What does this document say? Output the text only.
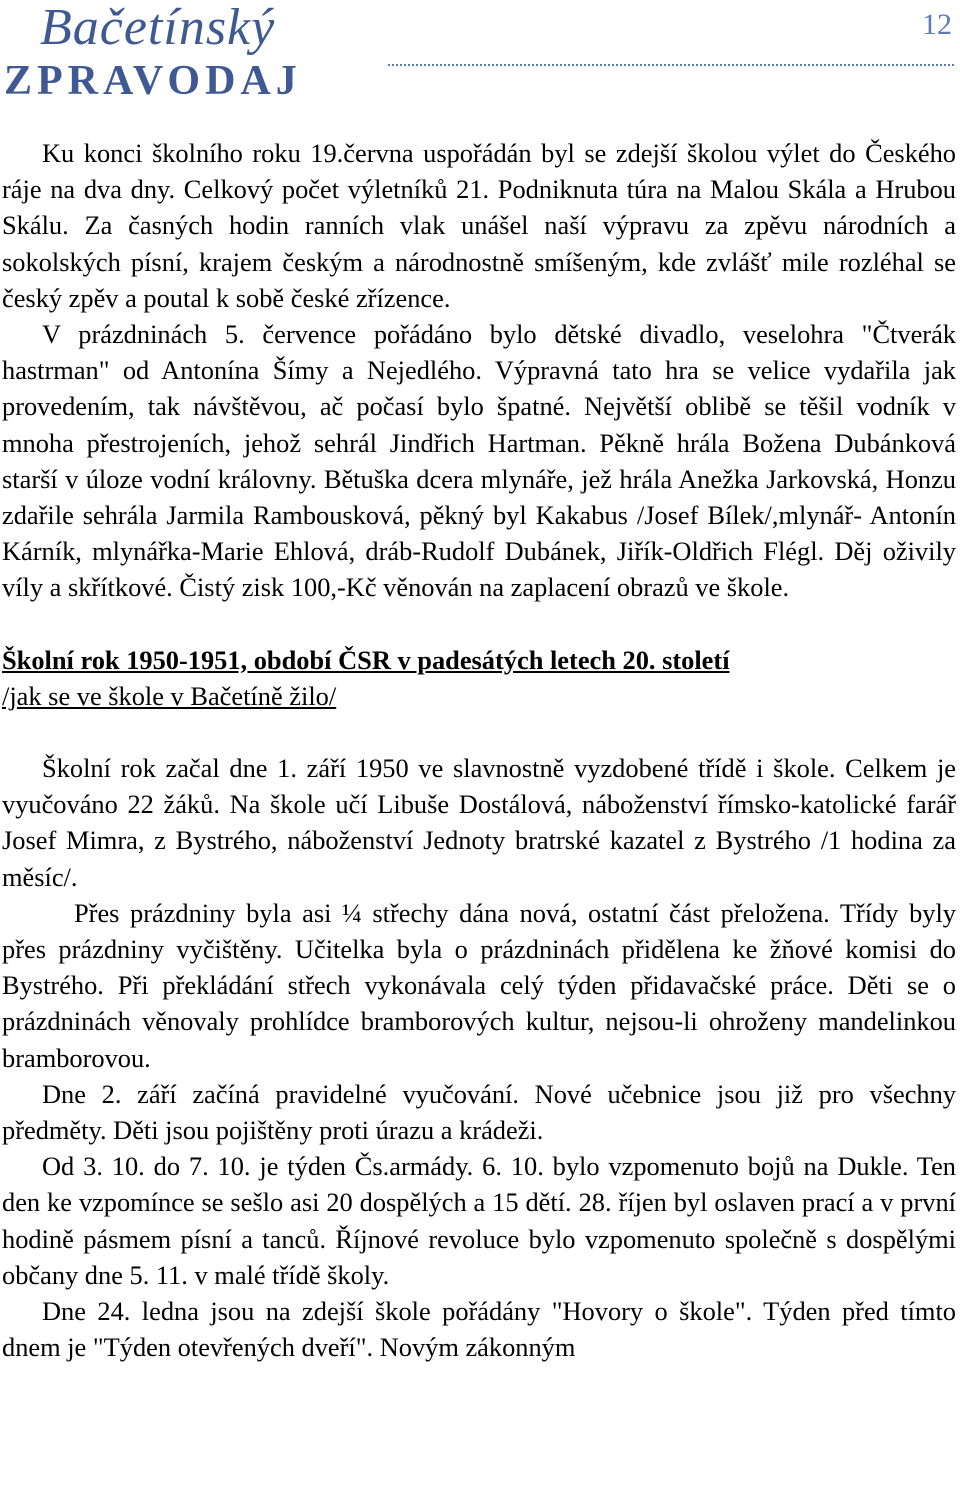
Bačetínský
ZPRAVODAJ
12

Ku konci školního roku 19.června uspořádán byl se zdejší školou výlet do Českého ráje na dva dny. Celkový počet výletníků 21. Podniknuta túra na Malou Skála a Hrubou Skálu. Za časných hodin ranních vlak unášel naší výpravu za zpěvu národních a sokolských písní, krajem českým a národnostně smíšeným, kde zvlášť mile rozléhal se český zpěv a poutal k sobě české zřízence.

V prázdninách 5. července pořádáno bylo dětské divadlo, veselohra "Čtverák hastrman" od Antonína Šímy a Nejedlého. Výpravná tato hra se velice vydařila jak provedením, tak návštěvou, ač počasí bylo špatné. Největší oblibě se těšil vodník v mnoha přestrojeních, jehož sehrál Jindřich Hartman. Pěkně hrála Božena Dubánková starší v úloze vodní královny. Bětuška dcera mlynáře, jež hrála Anežka Jarkovská, Honzu zdařile sehrála Jarmila Rambousková, pěkný byl Kakabus /Josef Bílek/,mlynář- Antonín Kárník, mlynářka-Marie Ehlová, dráb-Rudolf Dubánek, Jiřík-Oldřich Flégl. Děj oživily víly a skřítkové. Čistý zisk 100,-Kč věnován na zaplacení obrazů ve škole.

Školní rok 1950-1951, období ČSR v padesátých letech 20. století

/jak se ve škole v Bačetíně žilo/

Školní rok začal dne 1. září 1950 ve slavnostně vyzdobené třídě i škole. Celkem je vyučováno 22 žáků. Na škole učí Libuše Dostálová, náboženství římsko-katolické farář Josef Mimra, z Bystrého, náboženství Jednoty bratrské kazatel z Bystrého /1 hodina za měsíc/.

Přes prázdniny byla asi ¼ střechy dána nová, ostatní část přeložena. Třídy byly přes prázdniny vyčištěny. Učitelka byla o prázdninách přidělena ke žňové komisi do Bystrého. Při překládání střech vykonávala celý týden přidavačské práce. Děti se o prázdninách věnovaly prohlídce bramborových kultur, nejsou-li ohroženy mandelinkou bramborovou.

Dne 2. září začíná pravidelné vyučování. Nové učebnice jsou již pro všechny předměty. Děti jsou pojištěny proti úrazu a krádeži.

Od 3. 10. do 7. 10. je týden Čs.armády. 6. 10. bylo vzpomenuto bojů na Dukle. Ten den ke vzpomínce se sešlo asi 20 dospělých a 15 dětí. 28. říjen byl oslaven prací a v první hodině pásmem písní a tanců. Říjnové revoluce bylo vzpomenuto společně s dospělými občany dne 5. 11. v malé třídě školy.

Dne 24. ledna jsou na zdejší škole pořádány "Hovory o škole". Týden před tímto dnem je "Týden otevřených dveří". Novým zákonným
